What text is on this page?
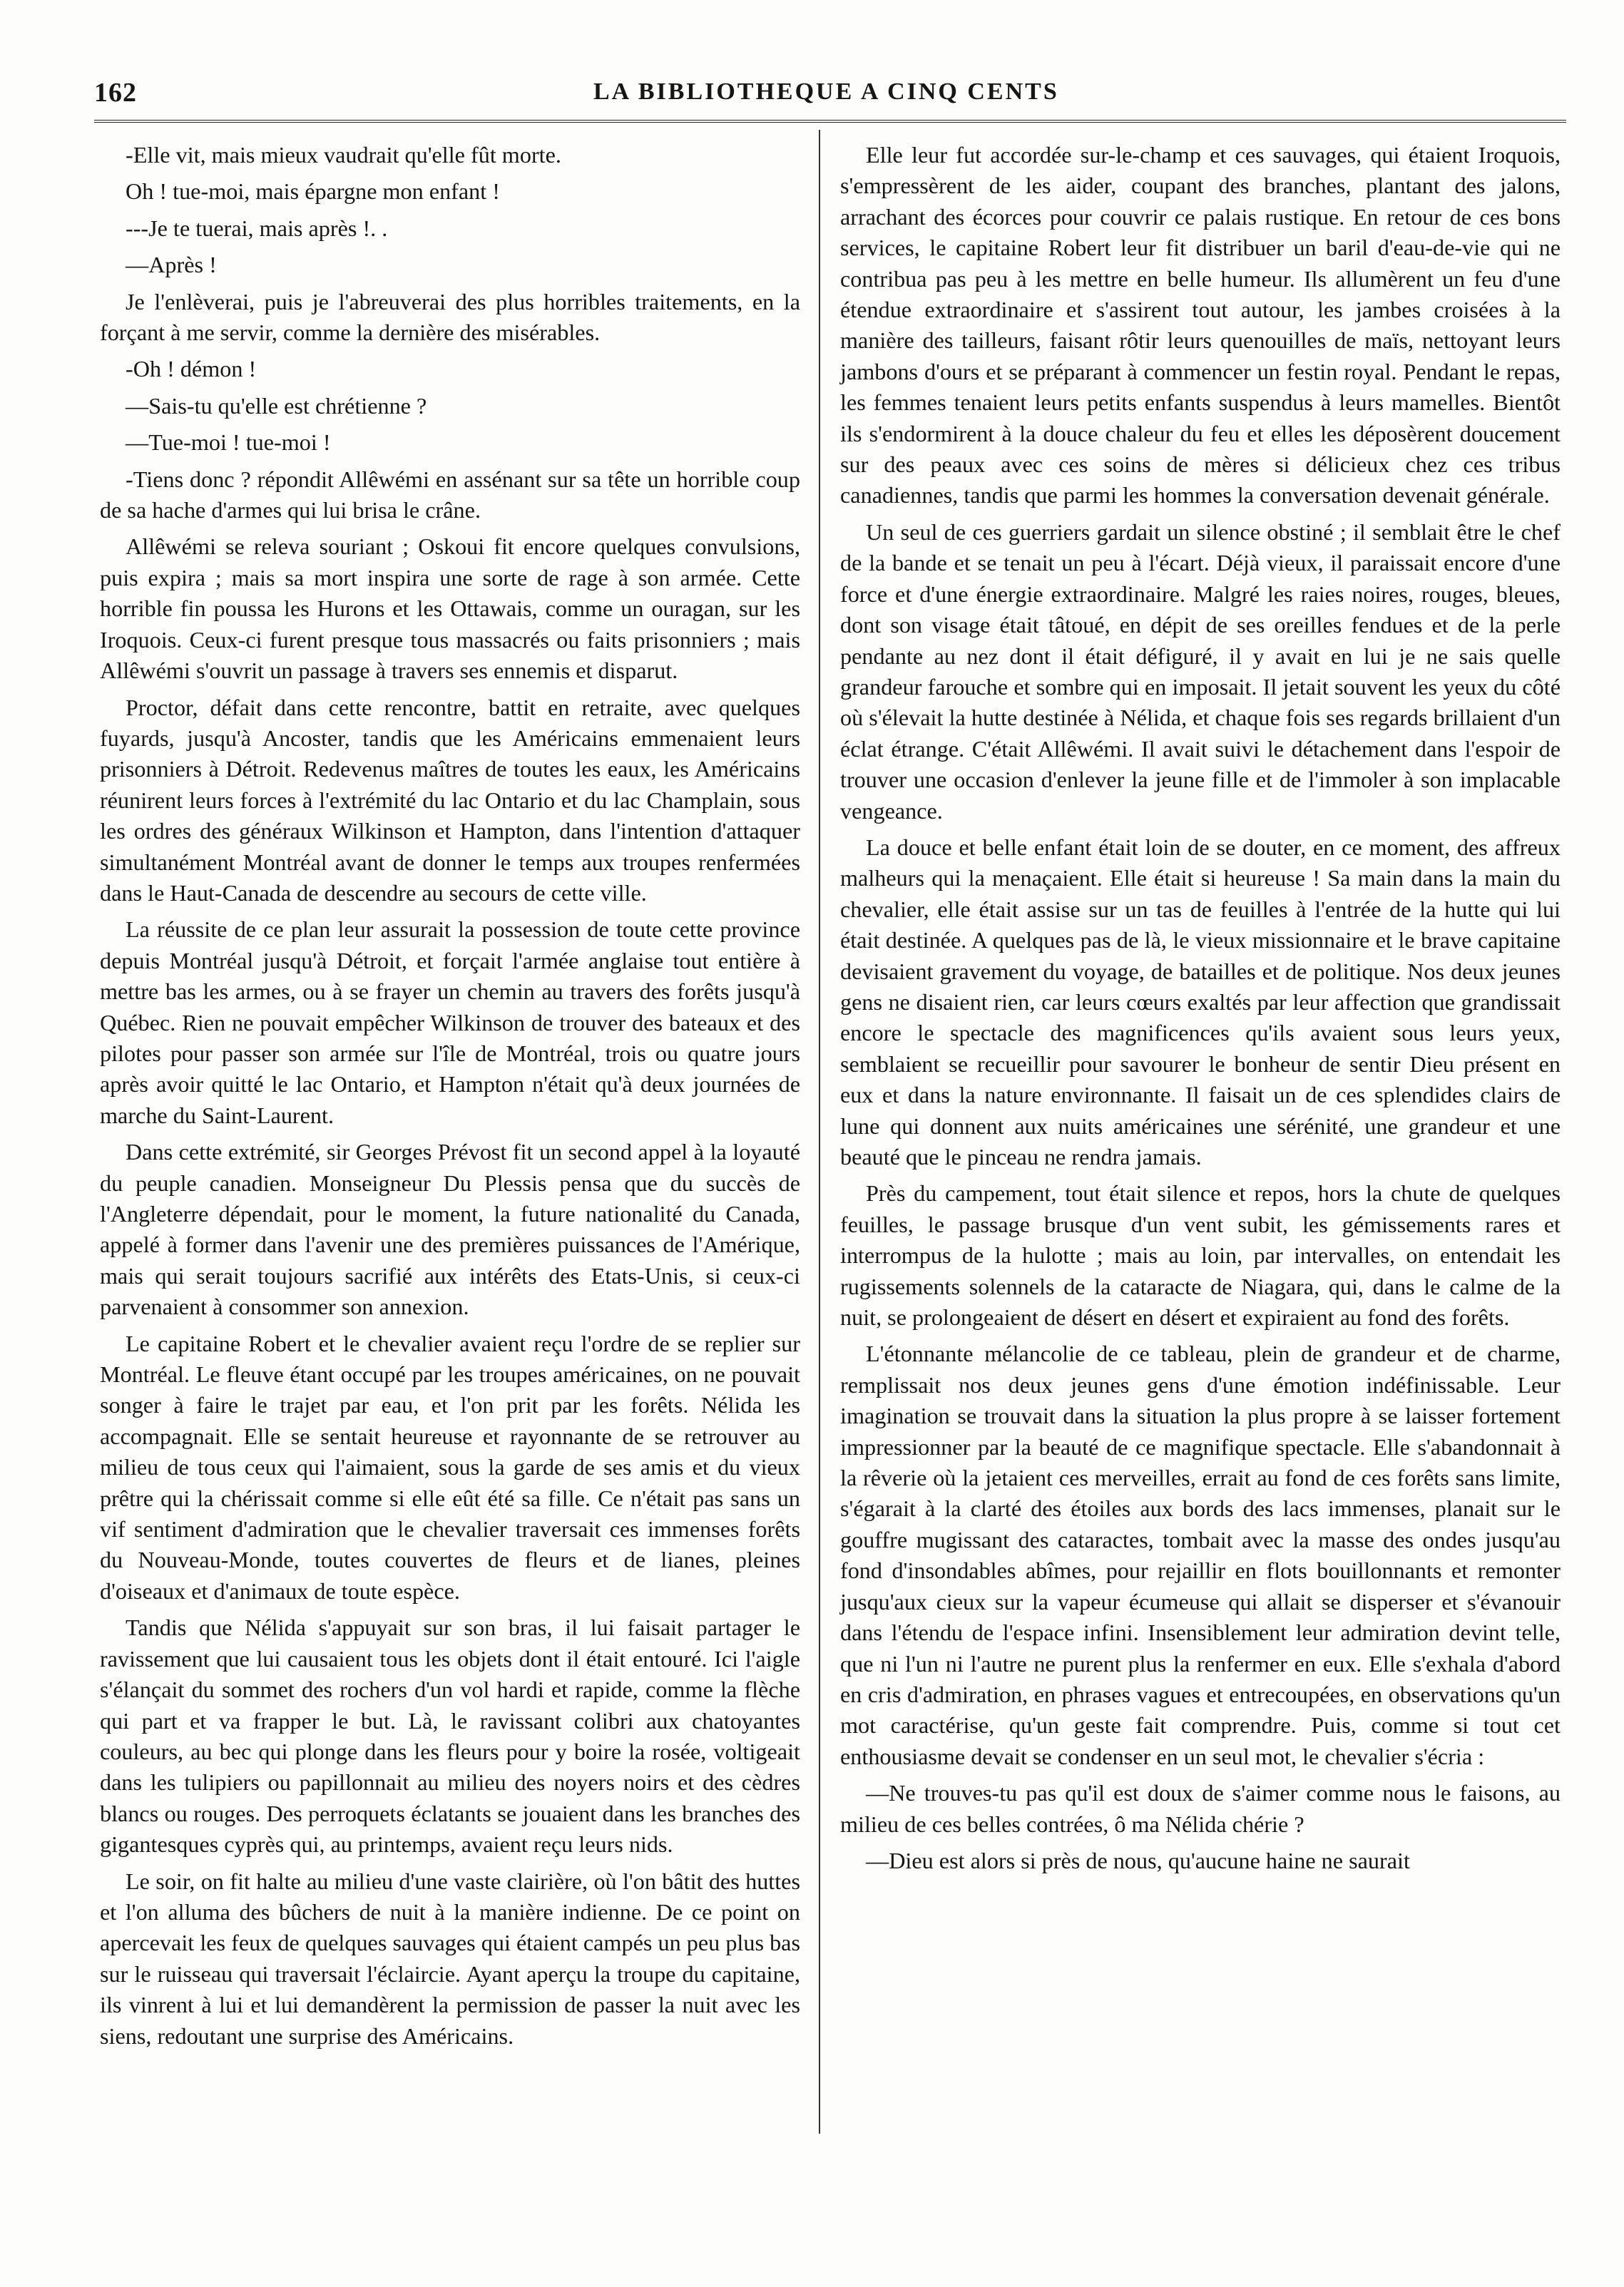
162	LA BIBLIOTHEQUE A CINQ CENTS

-Elle vit, mais mieux vaudrait qu'elle fût morte.

Oh ! tue-moi, mais épargne mon enfant !

---Je te tuerai, mais après !. .

—Après !

Je l'enlèverai, puis je l'abreuverai des plus horribles traitements, en la forçant à me servir, comme la dernière des misérables.

-Oh ! démon !

—Sais-tu qu'elle est chrétienne ?

—Tue-moi ! tue-moi !

-Tiens donc ? répondit Allêwémi en assénant sur sa tête un horrible coup de sa hache d'armes qui lui brisa le crâne.

Allêwémi se releva souriant ; Oskoui fit encore quelques convulsions, puis expira ; mais sa mort inspira une sorte de rage à son armée. Cette horrible fin poussa les Hurons et les Ottawais, comme un ouragan, sur les Iroquois. Ceux-ci furent presque tous massacrés ou faits prisonniers ; mais Allêwémi s'ouvrit un passage à travers ses ennemis et disparut.

Proctor, défait dans cette rencontre, battit en retraite, avec quelques fuyards, jusqu'à Ancoster, tandis que les Américains emmenaient leurs prisonniers à Détroit. Redevenus maîtres de toutes les eaux, les Américains réunirent leurs forces à l'extrémité du lac Ontario et du lac Champlain, sous les ordres des généraux Wilkinson et Hampton, dans l'intention d'attaquer simultanément Montréal avant de donner le temps aux troupes renfermées dans le Haut-Canada de descendre au secours de cette ville.

La réussite de ce plan leur assurait la possession de toute cette province depuis Montréal jusqu'à Détroit, et forçait l'armée anglaise tout entière à mettre bas les armes, ou à se frayer un chemin au travers des forêts jusqu'à Québec. Rien ne pouvait empêcher Wilkinson de trouver des bateaux et des pilotes pour passer son armée sur l'île de Montréal, trois ou quatre jours après avoir quitté le lac Ontario, et Hampton n'était qu'à deux journées de marche du Saint-Laurent.

Dans cette extrémité, sir Georges Prévost fit un second appel à la loyauté du peuple canadien. Monseigneur Du Plessis pensa que du succès de l'Angleterre dépendait, pour le moment, la future nationalité du Canada, appelé à former dans l'avenir une des premières puissances de l'Amérique, mais qui serait toujours sacrifié aux intérêts des Etats-Unis, si ceux-ci parvenaient à consommer son annexion.

Le capitaine Robert et le chevalier avaient reçu l'ordre de se replier sur Montréal. Le fleuve étant occupé par les troupes américaines, on ne pouvait songer à faire le trajet par eau, et l'on prit par les forêts. Nélida les accompagnait. Elle se sentait heureuse et rayonnante de se retrouver au milieu de tous ceux qui l'aimaient, sous la garde de ses amis et du vieux prêtre qui la chérissait comme si elle eût été sa fille. Ce n'était pas sans un vif sentiment d'admiration que le chevalier traversait ces immenses forêts du Nouveau-Monde, toutes couvertes de fleurs et de lianes, pleines d'oiseaux et d'animaux de toute espèce.

Tandis que Nélida s'appuyait sur son bras, il lui faisait partager le ravissement que lui causaient tous les objets dont il était entouré. Ici l'aigle s'élançait du sommet des rochers d'un vol hardi et rapide, comme la flèche qui part et va frapper le but. Là, le ravissant colibri aux chatoyantes couleurs, au bec qui plonge dans les fleurs pour y boire la rosée, voltigeait dans les tulipiers ou papillonnait au milieu des noyers noirs et des cèdres blancs ou rouges. Des perroquets éclatants se jouaient dans les branches des gigantesques cyprès qui, au printemps, avaient reçu leurs nids.

Le soir, on fit halte au milieu d'une vaste clairière, où l'on bâtit des huttes et l'on alluma des bûchers de nuit à la manière indienne. De ce point on apercevait les feux de quelques sauvages qui étaient campés un peu plus bas sur le ruisseau qui traversait l'éclaircie. Ayant aperçu la troupe du capitaine, ils vinrent à lui et lui demandèrent la permission de passer la nuit avec les siens, redoutant une surprise des Américains.

Elle leur fut accordée sur-le-champ et ces sauvages, qui étaient Iroquois, s'empressèrent de les aider, coupant des branches, plantant des jalons, arrachant des écorces pour couvrir ce palais rustique. En retour de ces bons services, le capitaine Robert leur fit distribuer un baril d'eau-de-vie qui ne contribua pas peu à les mettre en belle humeur. Ils allumèrent un feu d'une étendue extraordinaire et s'assirent tout autour, les jambes croisées à la manière des tailleurs, faisant rôtir leurs quenouilles de maïs, nettoyant leurs jambons d'ours et se préparant à commencer un festin royal. Pendant le repas, les femmes tenaient leurs petits enfants suspendus à leurs mamelles. Bientôt ils s'endormirent à la douce chaleur du feu et elles les déposèrent doucement sur des peaux avec ces soins de mères si délicieux chez ces tribus canadiennes, tandis que parmi les hommes la conversation devenait générale.

Un seul de ces guerriers gardait un silence obstiné ; il semblait être le chef de la bande et se tenait un peu à l'écart. Déjà vieux, il paraissait encore d'une force et d'une énergie extraordinaire. Malgré les raies noires, rouges, bleues, dont son visage était tâtoué, en dépit de ses oreilles fendues et de la perle pendante au nez dont il était défiguré, il y avait en lui je ne sais quelle grandeur farouche et sombre qui en imposait. Il jetait souvent les yeux du côté où s'élevait la hutte destinée à Nélida, et chaque fois ses regards brillaient d'un éclat étrange. C'était Allêwémi. Il avait suivi le détachement dans l'espoir de trouver une occasion d'enlever la jeune fille et de l'immoler à son implacable vengeance.

La douce et belle enfant était loin de se douter, en ce moment, des affreux malheurs qui la menaçaient. Elle était si heureuse ! Sa main dans la main du chevalier, elle était assise sur un tas de feuilles à l'entrée de la hutte qui lui était destinée. A quelques pas de là, le vieux missionnaire et le brave capitaine devisaient gravement du voyage, de batailles et de politique. Nos deux jeunes gens ne disaient rien, car leurs cœurs exaltés par leur affection que grandissait encore le spectacle des magnificences qu'ils avaient sous leurs yeux, semblaient se recueillir pour savourer le bonheur de sentir Dieu présent en eux et dans la nature environnante. Il faisait un de ces splendides clairs de lune qui donnent aux nuits américaines une sérénité, une grandeur et une beauté que le pinceau ne rendra jamais.

Près du campement, tout était silence et repos, hors la chute de quelques feuilles, le passage brusque d'un vent subit, les gémissements rares et interrompus de la hulotte ; mais au loin, par intervalles, on entendait les rugissements solennels de la cataracte de Niagara, qui, dans le calme de la nuit, se prolongeaient de désert en désert et expiraient au fond des forêts.

L'étonnante mélancolie de ce tableau, plein de grandeur et de charme, remplissait nos deux jeunes gens d'une émotion indéfinissable. Leur imagination se trouvait dans la situation la plus propre à se laisser fortement impressionner par la beauté de ce magnifique spectacle. Elle s'abandonnait à la rêverie où la jetaient ces merveilles, errait au fond de ces forêts sans limite, s'égarait à la clarté des étoiles aux bords des lacs immenses, planait sur le gouffre mugissant des cataractes, tombait avec la masse des ondes jusqu'au fond d'insondables abîmes, pour rejaillir en flots bouillonnants et remonter jusqu'aux cieux sur la vapeur écumeuse qui allait se disperser et s'évanouir dans l'étendu de l'espace infini. Insensiblement leur admiration devint telle, que ni l'un ni l'autre ne purent plus la renfermer en eux. Elle s'exhala d'abord en cris d'admiration, en phrases vagues et entrecoupées, en observations qu'un mot caractérise, qu'un geste fait comprendre. Puis, comme si tout cet enthousiasme devait se condenser en un seul mot, le chevalier s'écria :

—Ne trouves-tu pas qu'il est doux de s'aimer comme nous le faisons, au milieu de ces belles contrées, ô ma Nélida chérie ?

—Dieu est alors si près de nous, qu'aucune haine ne saurait
